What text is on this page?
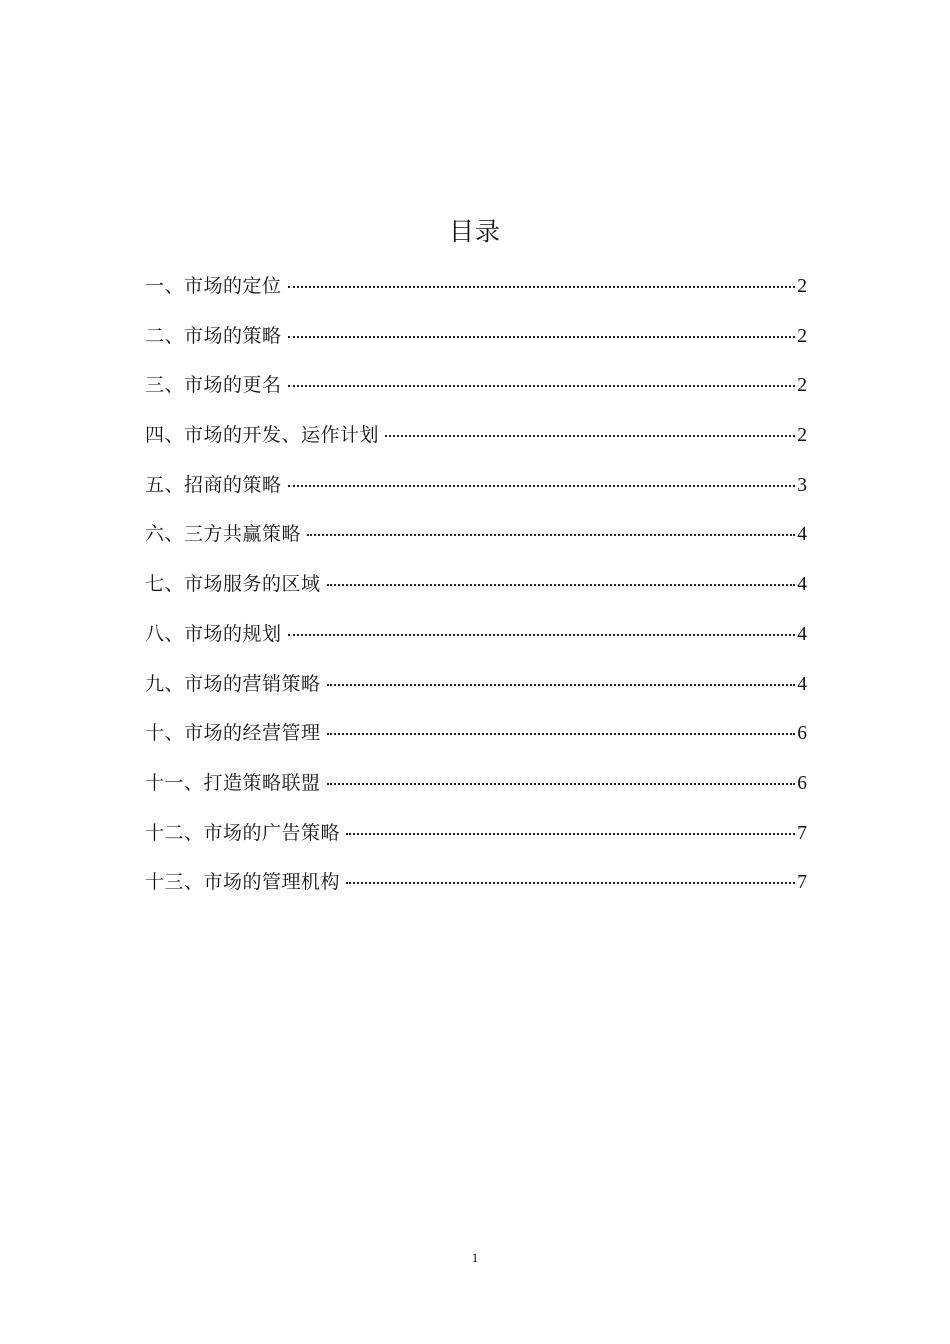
目录
一、市场的定位	2
二、市场的策略	2
三、市场的更名	2
四、市场的开发、运作计划	2
五、招商的策略	3
六、三方共赢策略	4
七、市场服务的区域	4
八、市场的规划	4
九、市场的营销策略	4
十、市场的经营管理	6
十一、打造策略联盟	6
十二、市场的广告策略	7
十三、市场的管理机构	7
1
